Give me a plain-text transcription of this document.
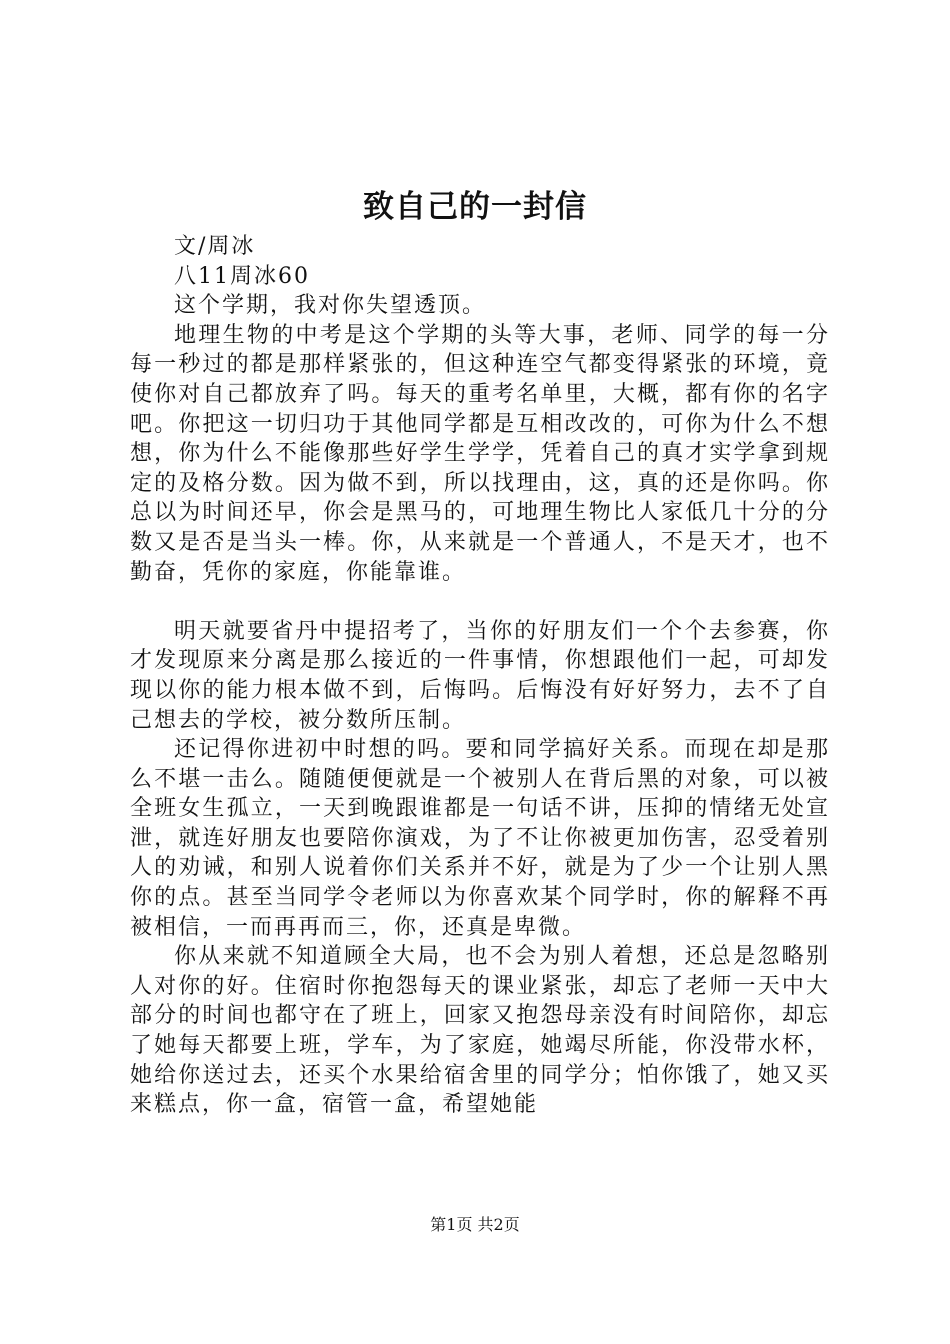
致自己的一封信

文/周冰

八11周冰60

这个学期，我对你失望透顶。

地理生物的中考是这个学期的头等大事，老师、同学的每一分每一秒过的都是那样紧张的，但这种连空气都变得紧张的环境，竟使你对自己都放弃了吗。每天的重考名单里，大概，都有你的名字吧。你把这一切归功于其他同学都是互相改改的，可你为什么不想想，你为什么不能像那些好学生学学，凭着自己的真才实学拿到规定的及格分数。因为做不到，所以找理由，这，真的还是你吗。你总以为时间还早，你会是黑马的，可地理生物比人家低几十分的分数又是否是当头一棒。你，从来就是一个普通人，不是天才，也不勤奋，凭你的家庭，你能靠谁。

明天就要省丹中提招考了，当你的好朋友们一个个去参赛，你才发现原来分离是那么接近的一件事情，你想跟他们一起，可却发现以你的能力根本做不到，后悔吗。后悔没有好好努力，去不了自己想去的学校，被分数所压制。

还记得你进初中时想的吗。要和同学搞好关系。而现在却是那么不堪一击么。随随便便就是一个被别人在背后黑的对象，可以被全班女生孤立，一天到晚跟谁都是一句话不讲，压抑的情绪无处宣泄，就连好朋友也要陪你演戏，为了不让你被更加伤害，忍受着别人的劝诫，和别人说着你们关系并不好，就是为了少一个让别人黑你的点。甚至当同学令老师以为你喜欢某个同学时，你的解释不再被相信，一而再再而三，你，还真是卑微。

你从来就不知道顾全大局，也不会为别人着想，还总是忽略别人对你的好。住宿时你抱怨每天的课业紧张，却忘了老师一天中大部分的时间也都守在了班上，回家又抱怨母亲没有时间陪你，却忘了她每天都要上班，学车，为了家庭，她竭尽所能，你没带水杯，她给你送过去，还买个水果给宿舍里的同学分；怕你饿了，她又买来糕点，你一盒，宿管一盒，希望她能

第1页 共2页
